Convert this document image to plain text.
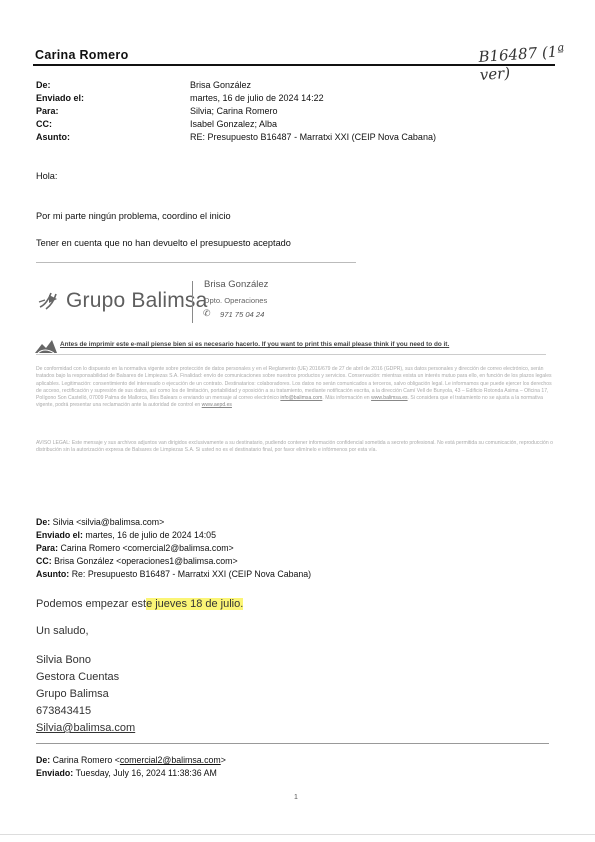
Carina Romero	B16487 (1ª ver)
De:	Brisa González
Enviado el:	martes, 16 de julio de 2024 14:22
Para:	Silvia; Carina Romero
CC:	Isabel Gonzalez; Alba
Asunto:	RE: Presupuesto B16487 - Marratxi XXI (CEIP Nova Cabana)
Hola:
Por mi parte ningún problema, coordino el inicio
Tener en cuenta que no han devuelto el presupuesto aceptado
Grupo Balimsa
Brisa González
Dpto. Operaciones
✆ 971 75 04 24
Antes de imprimir este e-mail piense bien si es necesario hacerlo. If you want to print this email please think if you need to do it.
De conformidad con lo dispuesto en la normativa vigente sobre protección de datos personales y en el Reglamento (UE) 2016/679 de 27 de abril de 2016 (GDPR), sus datos personales y dirección de correo electrónico, serán tratados bajo la responsabilidad de Balsares de Limpiezas S.A. Finalidad: envío de comunicaciones sobre nuestros productos y servicios. Conservación: mientras exista un interés mutuo para ello, en función de los plazos legales aplicables. Legitimación: consentimiento del interesado o ejecución de un contrato. Destinatarios: colaboradores. Los datos no serán comunicados a terceros, salvo obligación legal. Le informamos que puede ejercer los derechos de acceso, rectificación y supresión de sus datos, así como los de limitación, portabilidad y oposición a su tratamiento, mediante notificación escrita, a la dirección Camí Vell de Bunyola, 43 – Edificio Rotonda Asima – Oficina 17, Polígono Son Castelló, 07009 Palma de Mallorca, Illes Balears o enviando un mensaje al correo electrónico info@balimsa.com. Más información en www.balimsa.es. Si considera que el tratamiento no se ajusta a la normativa vigente, podrá presentar una reclamación ante la autoridad de control en www.aepd.es
AVISO LEGAL: Este mensaje y sus archivos adjuntos van dirigidos exclusivamente a su destinatario, pudiendo contener información confidencial sometida a secreto profesional. No está permitida su comunicación, reproducción o distribución sin la autorización expresa de Balsares de Limpiezas S.A. Si usted no es el destinatario final, por favor elimínelo e infórmenos por esta vía.
De: Silvia <silvia@balimsa.com>
Enviado el: martes, 16 de julio de 2024 14:05
Para: Carina Romero <comercial2@balimsa.com>
CC: Brisa González <operaciones1@balimsa.com>
Asunto: Re: Presupuesto B16487 - Marratxi XXI (CEIP Nova Cabana)
Podemos empezar este jueves 18 de julio.
Un saludo,
Silvia Bono
Gestora Cuentas
Grupo Balimsa
673843415
Silvia@balimsa.com
De: Carina Romero <comercial2@balimsa.com>
Enviado: Tuesday, July 16, 2024 11:38:36 AM
1
